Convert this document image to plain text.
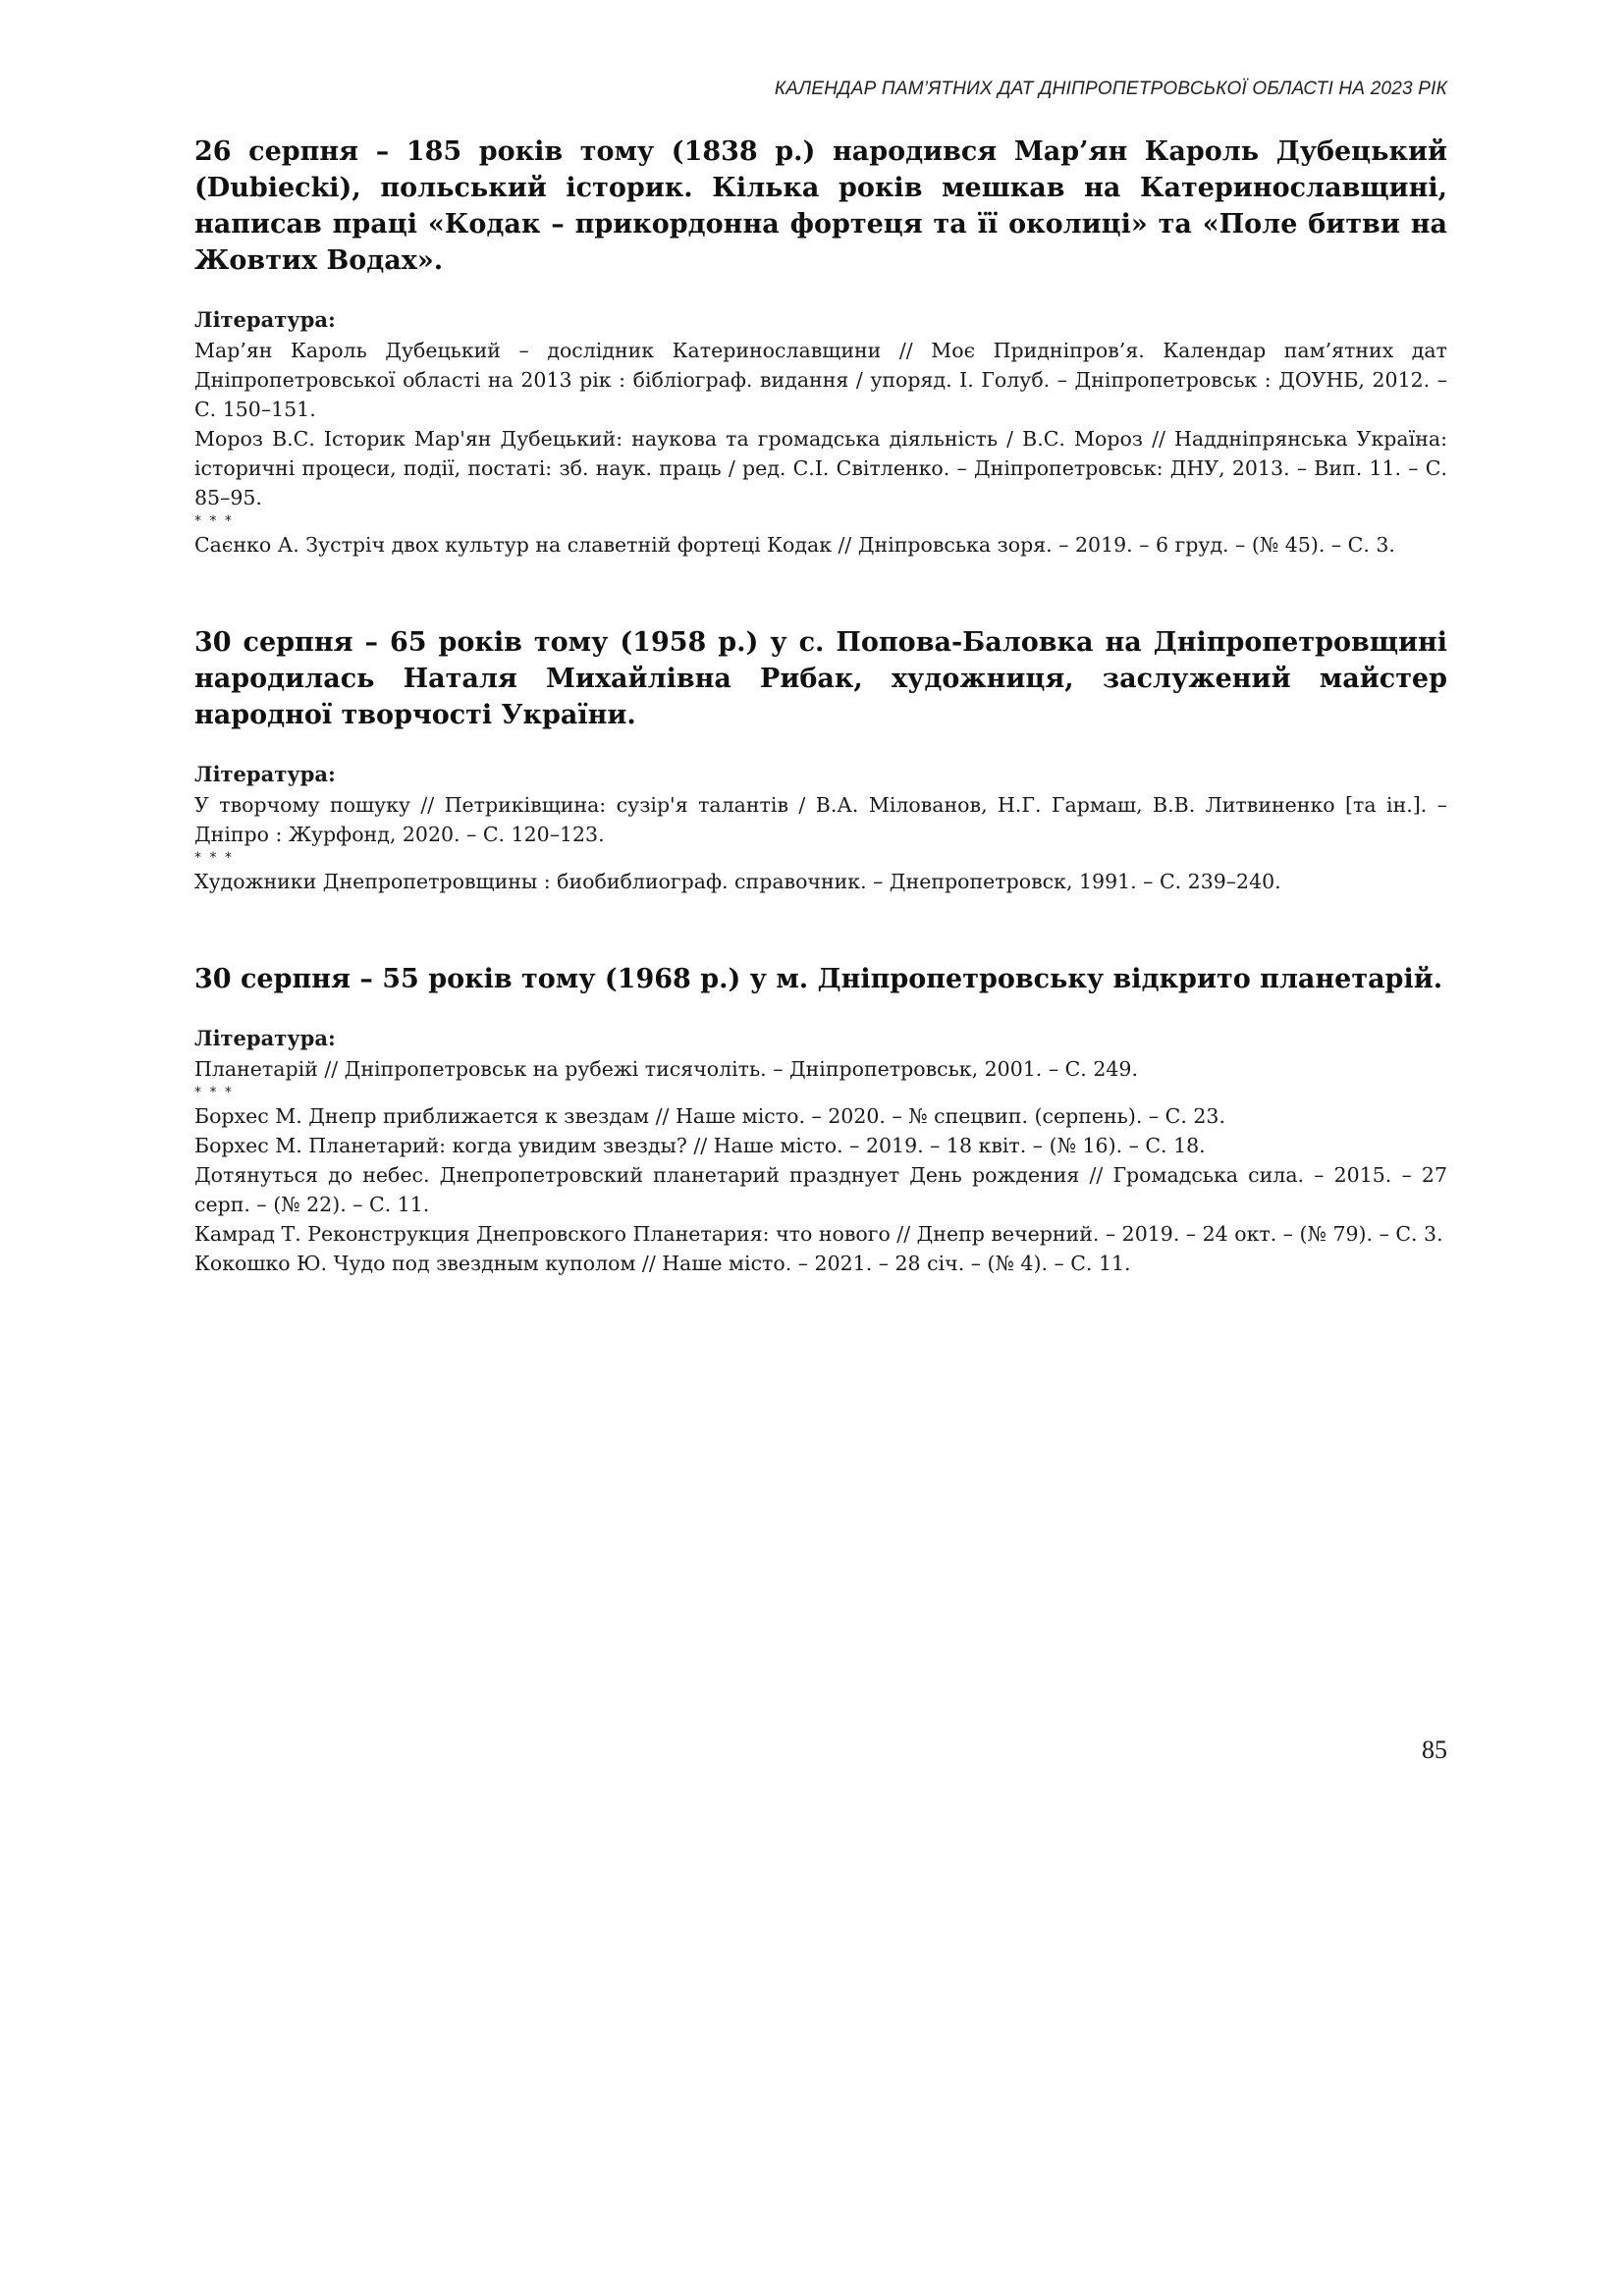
КАЛЕНДАР ПАМ’ЯТНИХ ДАТ ДНІПРОПЕТРОВСЬКОЇ ОБЛАСТІ НА 2023 РІК

26 серпня – 185 років тому (1838 р.) народився Мар’ян Кароль Дубецький (Dubiecki), польський історик. Кілька років мешкав на Катеринославщині, написав праці «Кодак – прикордонна фортеця та її околиці» та «Поле битви на Жовтих Водах».

Література:

Мар’ян Кароль Дубецький – дослідник Катеринославщини // Моє Придніпров’я. Календар пам’ятних дат Дніпропетровської області на 2013 рік : бібліограф. видання / упоряд. І. Голуб. – Дніпропетровськ : ДОУНБ, 2012. – С. 150–151.

Мороз В.С. Історик Мар'ян Дубецький: наукова та громадська діяльність / В.С. Мороз // Наддніпрянська Україна: історичні процеси, події, постаті: зб. наук. праць / ред. С.І. Світленко. – Дніпропетровськ: ДНУ, 2013. – Вип. 11. – С. 85–95.

* * *

Саєнко А. Зустріч двох культур на славетній фортеці Кодак // Дніпровська зоря. – 2019. – 6 груд. – (№ 45). – С. 3.

30 серпня – 65 років тому (1958 р.) у с. Попова-Баловка на Дніпропетровщині народилась Наталя Михайлівна Рибак, художниця, заслужений майстер народної творчості України.

Література:

У творчому пошуку // Петриківщина: сузір'я талантів / В.А. Мілованов, Н.Г. Гармаш, В.В. Литвиненко [та ін.]. – Дніпро : Журфонд, 2020. – С. 120–123.

* * *

Художники Днепропетровщины : биобиблиограф. справочник. – Днепропетровск, 1991. – С. 239–240.

30 серпня – 55 років тому (1968 р.) у м. Дніпропетровську відкрито планетарій.

Література:

Планетарій // Дніпропетровськ на рубежі тисячоліть. – Дніпропетровськ, 2001. – С. 249.

* * *

Борхес М. Днепр приближается к звездам // Наше місто. – 2020. – № спецвип. (серпень). – С. 23.

Борхес М. Планетарий: когда увидим звезды? // Наше місто. – 2019. – 18 квіт. – (№ 16). – С. 18.

Дотянуться до небес. Днепропетровский планетарий празднует День рождения // Громадська сила. – 2015. – 27 серп. – (№ 22). – С. 11.

Камрад Т. Реконструкция Днепровского Планетария: что нового // Днепр вечерний. – 2019. – 24 окт. – (№ 79). – С. 3.

Кокошко Ю. Чудо под звездным куполом // Наше місто. – 2021. – 28 січ. – (№ 4). – С. 11.

85
